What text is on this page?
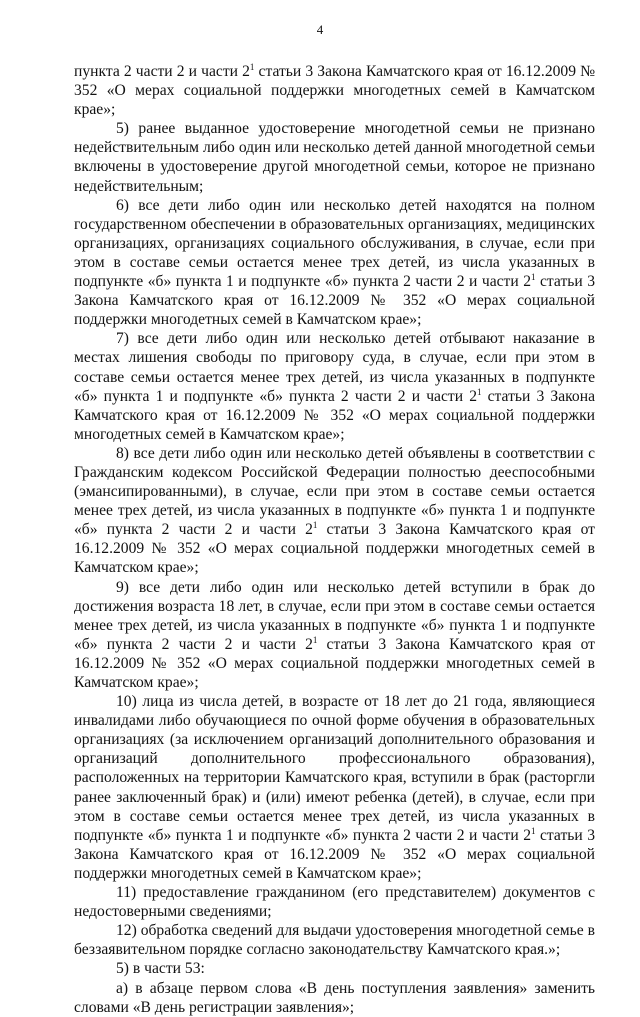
4

пункта 2 части 2 и части $2^1$ статьи 3 Закона Камчатского края от 16.12.2009 № 352 «О мерах социальной поддержки многодетных семей в Камчатском крае»;

5) ранее выданное удостоверение многодетной семьи не признано недействительным либо один или несколько детей данной многодетной семьи включены в удостоверение другой многодетной семьи, которое не признано недействительным;

6) все дети либо один или несколько детей находятся на полном государственном обеспечении в образовательных организациях, медицинских организациях, организациях социального обслуживания, в случае, если при этом в составе семьи остается менее трех детей, из числа указанных в подпункте «б» пункта 1 и подпункте «б» пункта 2 части 2 и части $2^1$ статьи 3 Закона Камчатского края от 16.12.2009 № 352 «О мерах социальной поддержки многодетных семей в Камчатском крае»;

7) все дети либо один или несколько детей отбывают наказание в местах лишения свободы по приговору суда, в случае, если при этом в составе семьи остается менее трех детей, из числа указанных в подпункте «б» пункта 1 и подпункте «б» пункта 2 части 2 и части $2^1$ статьи 3 Закона Камчатского края от 16.12.2009 № 352 «О мерах социальной поддержки многодетных семей в Камчатском крае»;

8) все дети либо один или несколько детей объявлены в соответствии с Гражданским кодексом Российской Федерации полностью дееспособными (эмансипированными), в случае, если при этом в составе семьи остается менее трех детей, из числа указанных в подпункте «б» пункта 1 и подпункте «б» пункта 2 части 2 и части $2^1$ статьи 3 Закона Камчатского края от 16.12.2009 № 352 «О мерах социальной поддержки многодетных семей в Камчатском крае»;

9) все дети либо один или несколько детей вступили в брак до достижения возраста 18 лет, в случае, если при этом в составе семьи остается менее трех детей, из числа указанных в подпункте «б» пункта 1 и подпункте «б» пункта 2 части 2 и части $2^1$ статьи 3 Закона Камчатского края от 16.12.2009 № 352 «О мерах социальной поддержки многодетных семей в Камчатском крае»;

10) лица из числа детей, в возрасте от 18 лет до 21 года, являющиеся инвалидами либо обучающиеся по очной форме обучения в образовательных организациях (за исключением организаций дополнительного образования и организаций дополнительного профессионального образования), расположенных на территории Камчатского края, вступили в брак (расторгли ранее заключенный брак) и (или) имеют ребенка (детей), в случае, если при этом в составе семьи остается менее трех детей, из числа указанных в подпункте «б» пункта 1 и подпункте «б» пункта 2 части 2 и части $2^1$ статьи 3 Закона Камчатского края от 16.12.2009 № 352 «О мерах социальной поддержки многодетных семей в Камчатском крае»;

11) предоставление гражданином (его представителем) документов с недостоверными сведениями;

12) обработка сведений для выдачи удостоверения многодетной семье в беззаявительном порядке согласно законодательству Камчатского края.»;

5) в части 53:

а) в абзаце первом слова «В день поступления заявления» заменить словами «В день регистрации заявления»;
